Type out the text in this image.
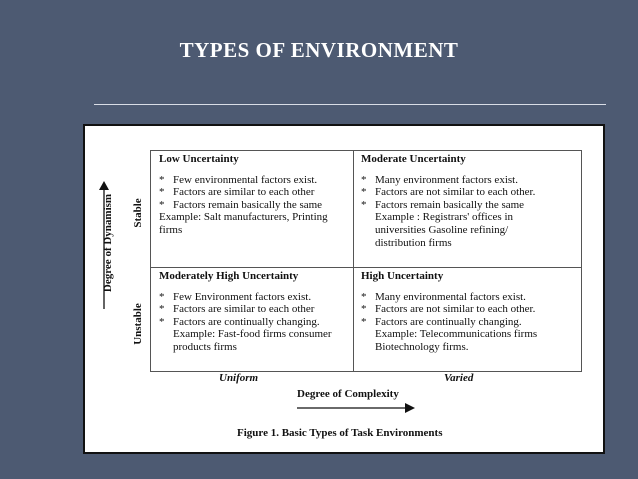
TYPES OF ENVIRONMENT
Degree of Dynamism Stable
Unstable
Low Uncertainty
* Few environmental factors exist.
* Factors are similar to each other
* Factors remain basically the same
Example: Salt manufacturers, Printing
firms
Moderate Uncertainty
* Many environment factors exist.
* Factors are not similar to each other.
* Factors remain basically the same
Example : Registrars' offices in
universities Gasoline refining/
distribution firms
Moderately High Uncertainty
* Few Environment factors exist.
* Factors are similar to each other
* Factors are continually changing.
Example: Fast-food firms consumer
products firms
High Uncertainty
* Many environmental factors exist.
* Factors are not similar to each other.
* Factors are continually changing.
Example: Telecommunications firms
Biotechnology firms.
Uniform	Varied
Degree of Complexity
Figure 1. Basic Types of Task Environments
